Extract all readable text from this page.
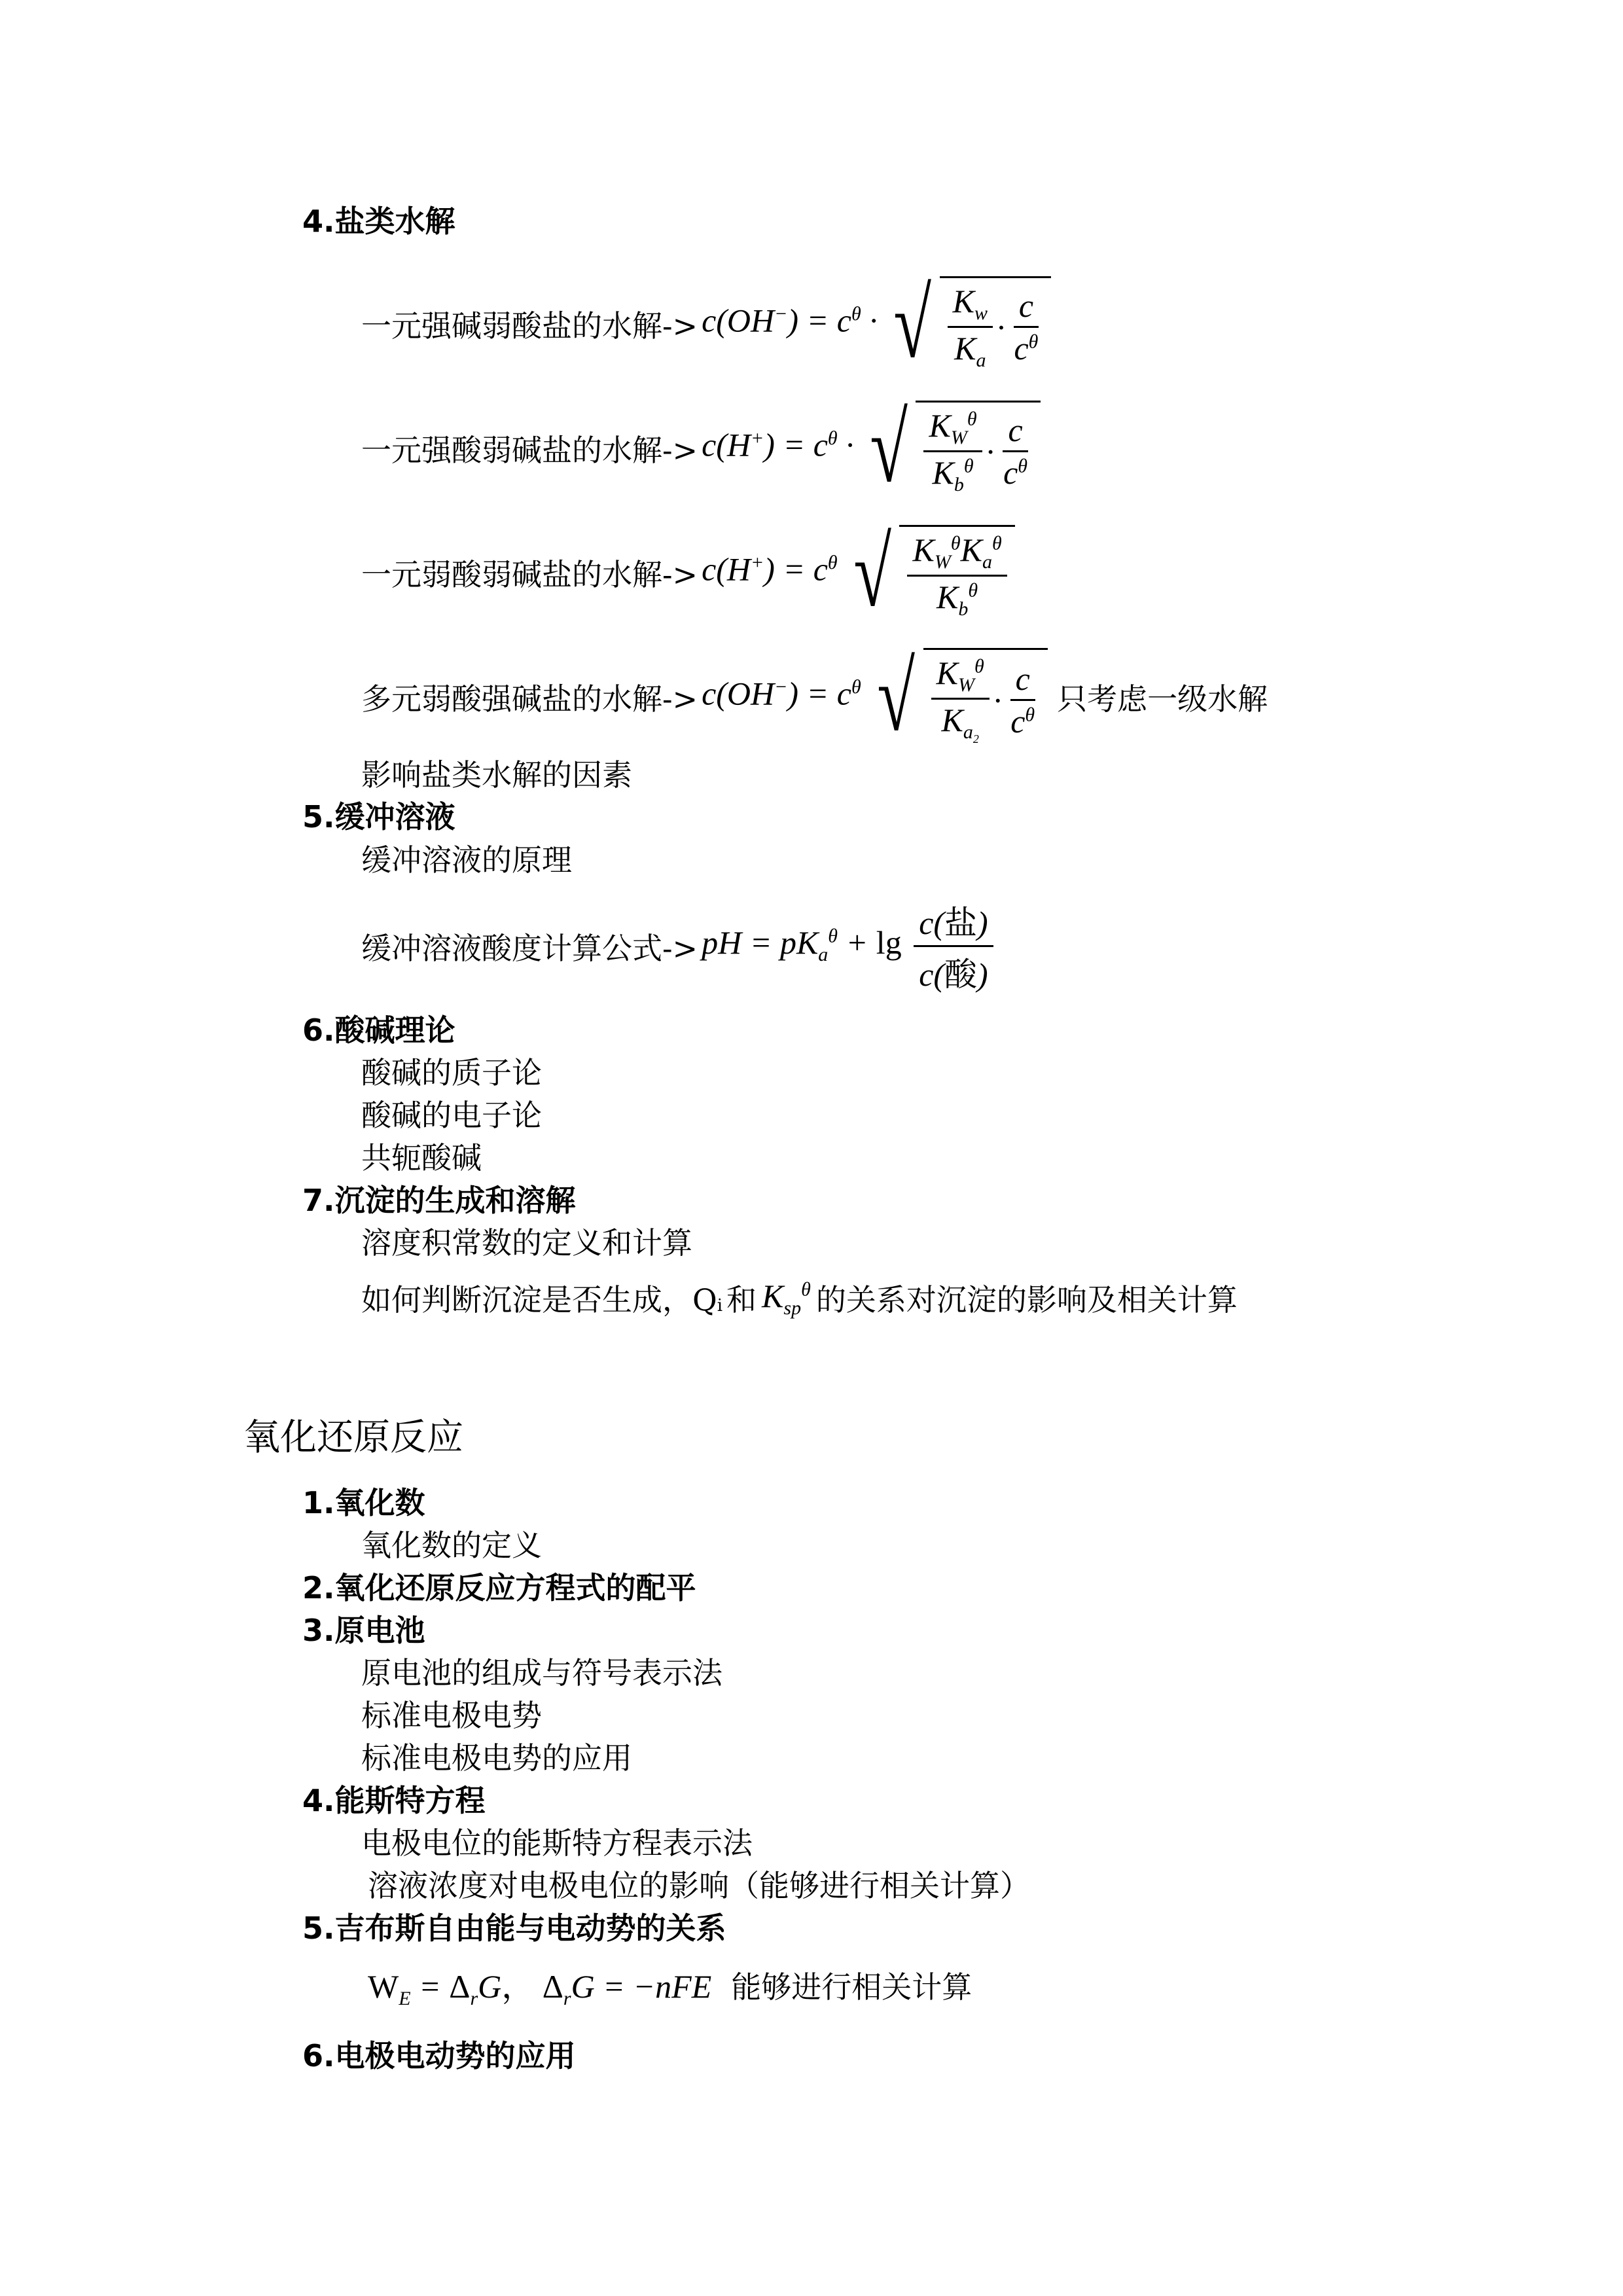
4.盐类水解
一元强碱弱酸盐的水解-> $c(OH^-) = c^\theta$ · √ $\frac{K_w}{K_a} \cdot \frac{c}{c^\theta}$
一元强酸弱碱盐的水解-> $c(H^+) = c^\theta$ · √ $\frac{K_W^\theta}{K_b^\theta} \cdot \frac{c}{c^\theta}$
一元弱酸弱碱盐的水解-> $c(H^+) = c^\theta$ √ $\frac{K_W^\theta K_a^\theta}{K_b^\theta}$
多元弱酸强碱盐的水解-> $c(OH^-) = c^\theta$ √ $\frac{K_W^\theta}{K_{a_2}} \cdot \frac{c}{c^\theta}$ 只考虑一级水解
影响盐类水解的因素
5.缓冲溶液
缓冲溶液的原理
缓冲溶液酸度计算公式-> pH = $pK_a^\theta + \lg \frac{\text{c(盐)}}{\text{c(酸)}}$
6.酸碱理论
酸碱的质子论
酸碱的电子论
共轭酸碱
7.沉淀的生成和溶解
溶度积常数的定义和计算
如何判断沉淀是否生成，Q i 和 $K_{sp}^\theta$ 的关系对沉淀的影响及相关计算
氧化还原反应
1.氧化数
氧化数的定义
2.氧化还原反应方程式的配平
3.原电池
原电池的组成与符号表示法
标准电极电势
标准电极电势的应用
4.能斯特方程
电极电位的能斯特方程表示法
溶液浓度对电极电位的影响（能够进行相关计算）
5.吉布斯自由能与电动势的关系
$W_E = \Delta_rG$， $\Delta_rG = -nFE$ 能够进行相关计算
6.电极电动势的应用
